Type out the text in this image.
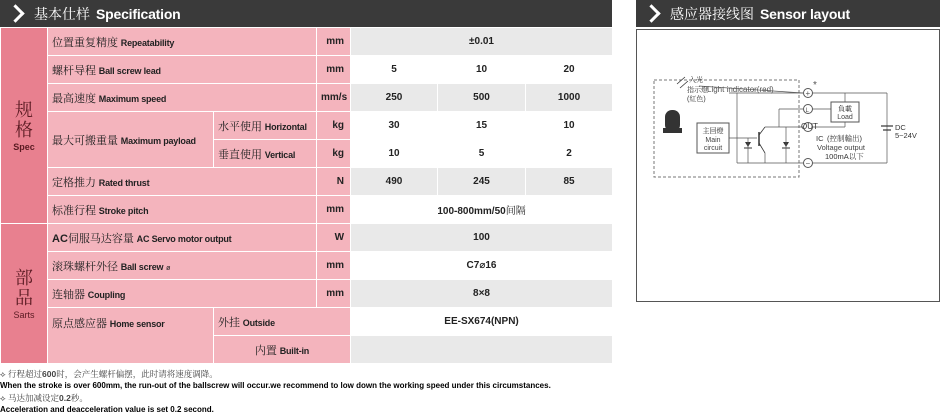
基本仕样 Specification	感应器接线图 Sensor layout
规格
Spec	位置重复精度 Repeatability		mm	±0.01		
	螺杆导程 Ball screw lead		mm	5	10	20
	最高速度 Maximum speed		mm/s	250	500	1000
	最大可搬重量 Maximum payload	水平使用 Horizontal	kg	30	15	10
		垂直使用 Vertical	kg	10	5	2
	定格推力 Rated thrust		N	490	245	85
	标准行程 Stroke pitch		mm	100-800mm/50间隔		

部品
Sarts	AC伺服马达容量 AC Servo motor output		W	100		
	滚珠螺杆外径 Ball screw ø		mm	C7⌀16		
	连轴器 Coupling		mm	8×8		
	原点感应器 Home sensor	外挂 Outside		EE-SX674(NPN)		
		内置 Built-in				
⟡ 行程超过600时，会产生螺杆偏摆，此时请将速度调降。
When the stroke is over 600mm, the run-out of the ballscrew will occur.we recommend to low down the working speed under this circumstances.
⟡ 马达加减设定0.2秒。
Acceleration and deacceleration value is set 0.2 second.
+
L
−
*
Light indicator(red)
入光
指示燈
(紅色)
主回燈
Main
circuit
負載
Load
DC
5~24V
OUT
IC (控制輸出)
Voltage output
100mA以下
